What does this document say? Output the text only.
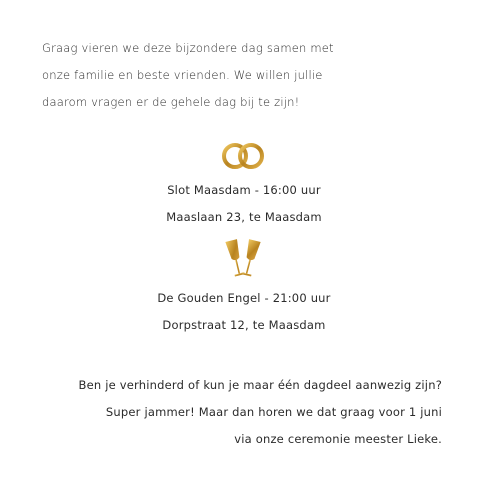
Graag vieren we deze bijzondere dag samen met
onze familie en beste vrienden. We willen jullie
daarom vragen er de gehele dag bij te zijn!
Slot Maasdam - 16:00 uur
Maaslaan 23, te Maasdam
De Gouden Engel - 21:00 uur
Dorpstraat 12, te Maasdam
Ben je verhinderd of kun je maar één dagdeel aanwezig zijn?
Super jammer! Maar dan horen we dat graag voor 1 juni
via onze ceremonie meester Lieke.
